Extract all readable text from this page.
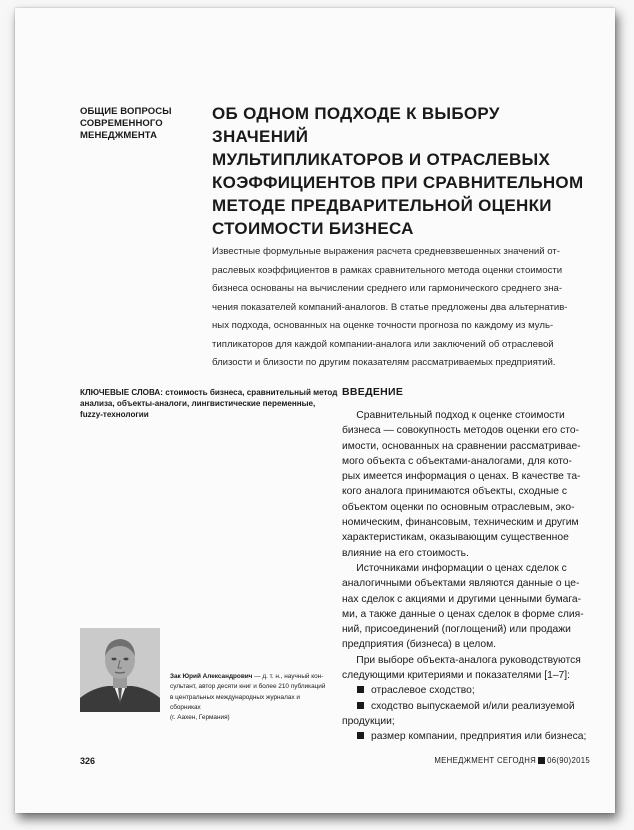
ОБЩИЕ ВОПРОСЫ
СОВРЕМЕННОГО
МЕНЕДЖМЕНТА
ОБ ОДНОМ ПОДХОДЕ К ВЫБОРУ ЗНАЧЕНИЙ
МУЛЬТИПЛИКАТОРОВ И ОТРАСЛЕВЫХ
КОЭФФИЦИЕНТОВ ПРИ СРАВНИТЕЛЬНОМ
МЕТОДЕ ПРЕДВАРИТЕЛЬНОЙ ОЦЕНКИ
СТОИМОСТИ БИЗНЕСА
Известные формульные выражения расчета средневзвешенных значений от-
раслевых коэффициентов в рамках сравнительного метода оценки стоимости
бизнеса основаны на вычислении среднего или гармонического среднего зна-
чения показателей компаний-аналогов. В статье предложены два альтернатив-
ных подхода, основанных на оценке точности прогноза по каждому из муль-
типликаторов для каждой компании-аналога или заключений об отраслевой
близости и близости по другим показателям рассматриваемых предприятий.
КЛЮЧЕВЫЕ СЛОВА: стоимость бизнеса, сравнительный метод
анализа, объекты-аналоги, лингвистические переменные,
fuzzy-технологии
ВВЕДЕНИЕ
Сравнительный подход к оценке стоимости
бизнеса — совокупность методов оценки его сто-
имости, основанных на сравнении рассматривае-
мого объекта с объектами-аналогами, для кото-
рых имеется информация о ценах. В качестве та-
кого аналога принимаются объекты, сходные с
объектом оценки по основным отраслевым, эко-
номическим, финансовым, техническим и другим
характеристикам, оказывающим существенное
влияние на его стоимость.
Источниками информации о ценах сделок с
аналогичными объектами являются данные о це-
нах сделок с акциями и другими ценными бумага-
ми, а также данные о ценах сделок в форме слия-
ний, присоединений (поглощений) или продажи
предприятия (бизнеса) в целом.
При выборе объекта-аналога руководствуются
следующими критериями и показателями [1–7]:
отраслевое сходство;
сходство выпускаемой и/или реализуемой
продукции;
размер компании, предприятия или бизнеса;
Зак Юрий Александрович — д. т. н., научный кон-
сультант, автор десяти книг и более 210 публикаций
в центральных международных журналах и сборниках
(г. Аахен, Германия)
326	МЕНЕДЖМЕНТ СЕГОДНЯ 06(90)2015
